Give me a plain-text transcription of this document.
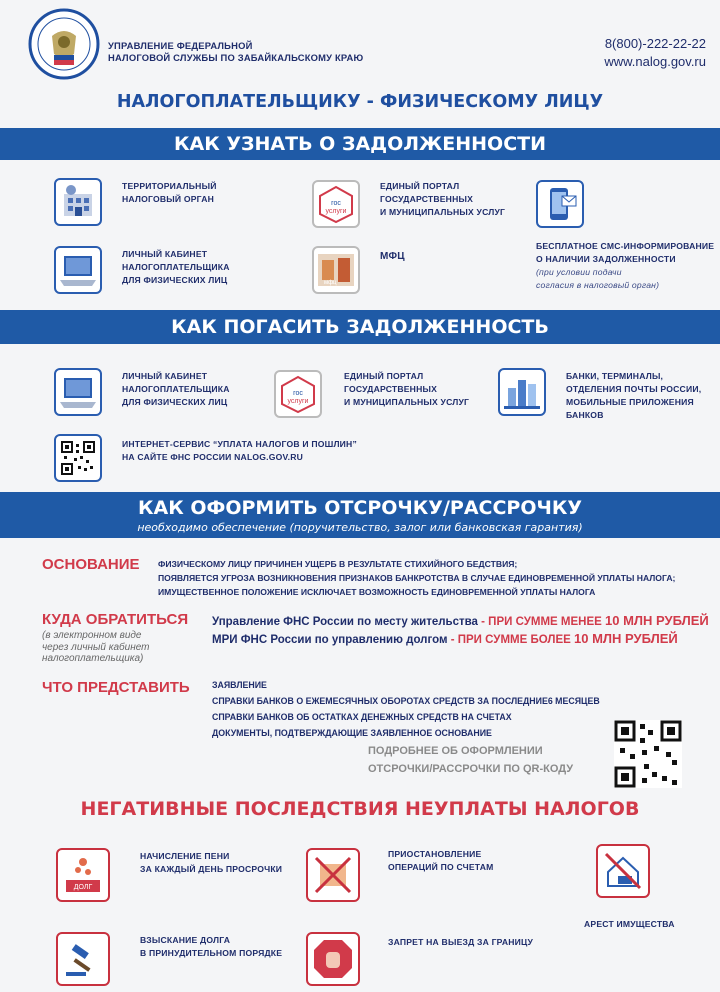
УПРАВЛЕНИЕ ФЕДЕРАЛЬНОЙ
НАЛОГОВОЙ СЛУЖБЫ ПО ЗАБАЙКАЛЬСКОМУ КРАЮ
8(800)-222-22-22
www.nalog.gov.ru
НАЛОГОПЛАТЕЛЬЩИКУ - ФИЗИЧЕСКОМУ ЛИЦУ
КАК УЗНАТЬ О ЗАДОЛЖЕННОСТИ
ТЕРРИТОРИАЛЬНЫЙ
НАЛОГОВЫЙ ОРГАН	гос
услуги
ЕДИНЫЙ ПОРТАЛ
ГОСУДАРСТВЕННЫХ
И МУНИЦИПАЛЬНЫХ УСЛУГ
ЛИЧНЫЙ КАБИНЕТ
НАЛОГОПЛАТЕЛЬЩИКА
ДЛЯ ФИЗИЧЕСКИХ ЛИЦ	мфц
МФЦ
БЕСПЛАТНОЕ СМС-ИНФОРМИРОВАНИЕ
О НАЛИЧИИ ЗАДОЛЖЕННОСТИ
(при условии подачи
согласия в налоговый орган)
КАК ПОГАСИТЬ ЗАДОЛЖЕННОСТЬ
ЛИЧНЫЙ КАБИНЕТ
НАЛОГОПЛАТЕЛЬЩИКА
ДЛЯ ФИЗИЧЕСКИХ ЛИЦ
гос
услуги
ЕДИНЫЙ ПОРТАЛ
ГОСУДАРСТВЕННЫХ
И МУНИЦИПАЛЬНЫХ УСЛУГ
БАНКИ, ТЕРМИНАЛЫ,
ОТДЕЛЕНИЯ ПОЧТЫ РОССИИ,
МОБИЛЬНЫЕ ПРИЛОЖЕНИЯ
БАНКОВ
ИНТЕРНЕТ-СЕРВИС “УПЛАТА НАЛОГОВ И ПОШЛИН”
НА САЙТЕ ФНС РОССИИ NALOG.GOV.RU
КАК ОФОРМИТЬ ОТСРОЧКУ/РАССРОЧКУ
необходимо обеспечение (поручительство, залог или банковская гарантия)
ОСНОВАНИЕ ФИЗИЧЕСКОМУ ЛИЦУ ПРИЧИНЕН УЩЕРБ В РЕЗУЛЬТАТЕ СТИХИЙНОГО БЕДСТВИЯ;
ПОЯВЛЯЕТСЯ УГРОЗА ВОЗНИКНОВЕНИЯ ПРИЗНАКОВ БАНКРОТСТВА В СЛУЧАЕ ЕДИНОВРЕМЕННОЙ УПЛАТЫ НАЛОГА;
ИМУЩЕСТВЕННОЕ ПОЛОЖЕНИЕ ИСКЛЮЧАЕТ ВОЗМОЖНОСТЬ ЕДИНОВРЕМЕННОЙ УПЛАТЫ НАЛОГА
КУДА ОБРАТИТЬСЯ
(в электронном виде
через личный кабинет
налогоплательщика)
Управление ФНС России по месту жительства - ПРИ СУММЕ МЕНЕЕ 10 МЛН РУБЛЕЙ
МРИ ФНС России по управлению долгом - ПРИ СУММЕ БОЛЕЕ 10 МЛН РУБЛЕЙ
ЧТО ПРЕДСТАВИТЬ	ЗАЯВЛЕНИЕ
СПРАВКИ БАНКОВ О ЕЖЕМЕСЯЧНЫХ ОБОРОТАХ СРЕДСТВ ЗА ПОСЛЕДНИЕ6 МЕСЯЦЕВ
СПРАВКИ БАНКОВ ОБ ОСТАТКАХ ДЕНЕЖНЫХ СРЕДСТВ НА СЧЕТАХ
ДОКУМЕНТЫ, ПОДТВЕРЖДАЮЩИЕ ЗАЯВЛЕННОЕ ОСНОВАНИЕ
ПОДРОБНЕЕ ОБ ОФОРМЛЕНИИ
ОТСРОЧКИ/РАССРОЧКИ ПО QR-КОДУ
НЕГАТИВНЫЕ ПОСЛЕДСТВИЯ НЕУПЛАТЫ НАЛОГОВ
ДОЛГ
НАЧИСЛЕНИЕ ПЕНИ
ЗА КАЖДЫЙ ДЕНЬ ПРОСРОЧКИ
ПРИОСТАНОВЛЕНИЕ
ОПЕРАЦИЙ ПО СЧЕТАМ
АРЕСТ ИМУЩЕСТВА
ВЗЫСКАНИЕ ДОЛГА
В ПРИНУДИТЕЛЬНОМ ПОРЯДКЕ
ЗАПРЕТ НА ВЫЕЗД ЗА ГРАНИЦУ
